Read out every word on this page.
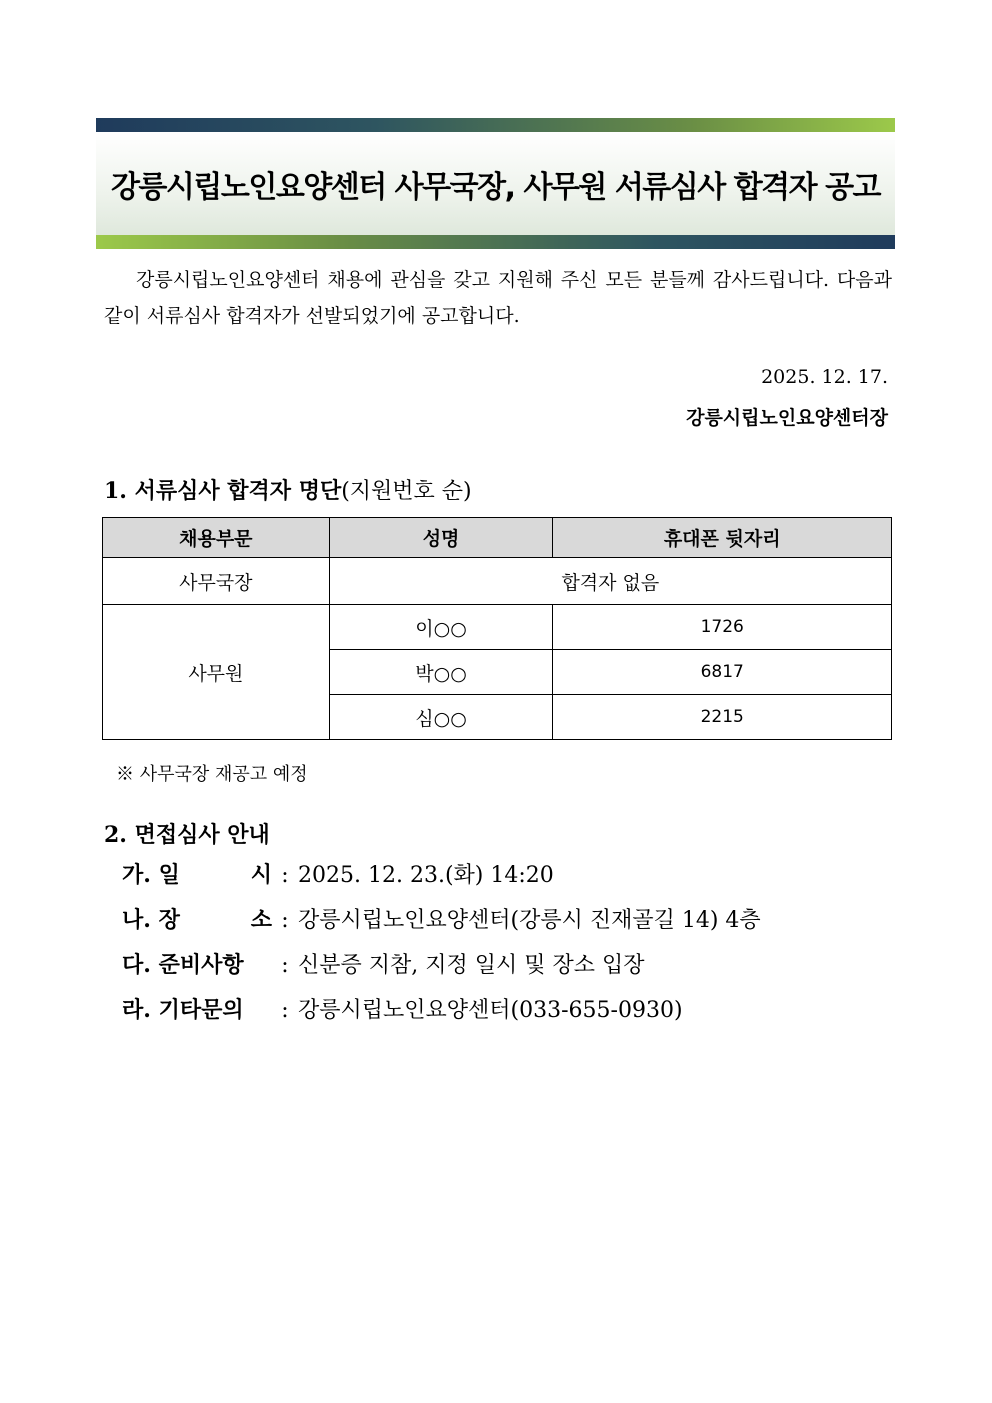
강릉시립노인요양센터 사무국장, 사무원 서류심사 합격자 공고

강릉시립노인요양센터 채용에 관심을 갖고 지원해 주신 모든 분들께 감사드립니다. 다음과 같이 서류심사 합격자가 선발되었기에 공고합니다.

2025. 12. 17.
강릉시립노인요양센터장
1. 서류심사 합격자 명단(지원번호 순)
채용부문	성명	휴대폰 뒷자리
사무국장	합격자 없음	
사무원	이○○	1726
	박○○	6817
	심○○	2215
※ 사무국장 재공고 예정
2. 면접심사 안내
가. 일	시 : 2025. 12. 23.(화) 14:20
나. 장	소 : 강릉시립노인요양센터(강릉시 진재골길 14) 4층
다. 준비사항	: 신분증 지참, 지정 일시 및 장소 입장
라. 기타문의	: 강릉시립노인요양센터(033-655-0930)
